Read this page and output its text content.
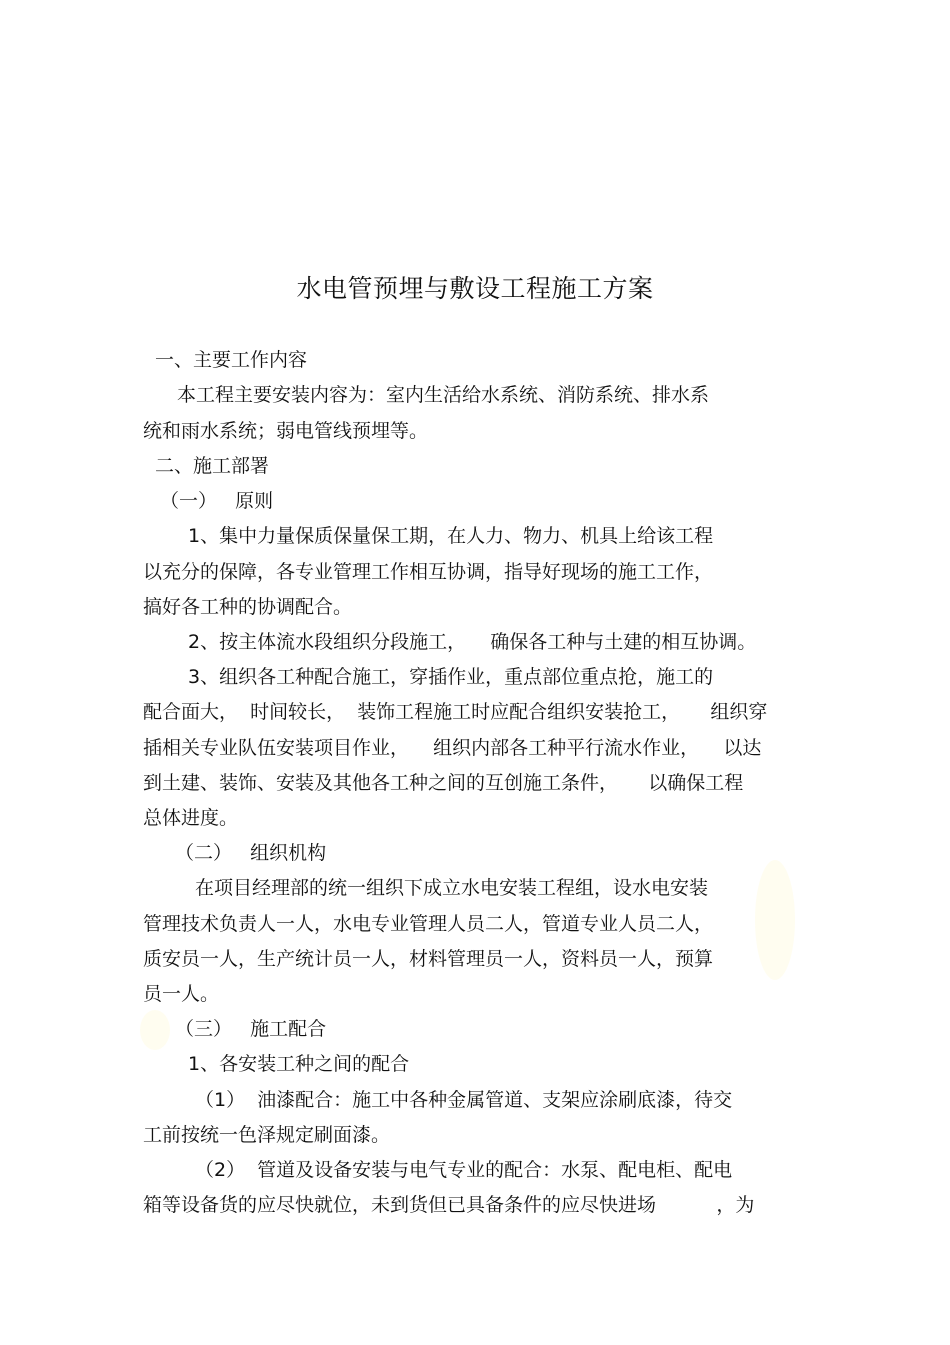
水电管预埋与敷设工程施工方案
一、主要工作内容
本工程主要安装内容为：室内生活给水系统、消防系统、排水系
统和雨水系统；弱电管线预埋等。
二、施工部署
（一）   原则
1、集中力量保质保量保工期，在人力、物力、机具上给该工程
以充分的保障，各专业管理工作相互协调，指导好现场的施工工作，
搞好各工种的协调配合。
2、按主体流水段组织分段施工，    确保各工种与土建的相互协调。
3、组织各工种配合施工，穿插作业，重点部位重点抢，施工的
配合面大，  时间较长，  装饰工程施工时应配合组织安装抢工，     组织穿
插相关专业队伍安装项目作业，    组织内部各工种平行流水作业，    以达
到土建、装饰、安装及其他各工种之间的互创施工条件，     以确保工程
总体进度。
（二）   组织机构
在项目经理部的统一组织下成立水电安装工程组，设水电安装
管理技术负责人一人，水电专业管理人员二人，管道专业人员二人，
质安员一人，生产统计员一人，材料管理员一人，资料员一人，预算
员一人。
（三）   施工配合
1、各安装工种之间的配合
（1）  油漆配合：施工中各种金属管道、支架应涂刷底漆，待交
工前按统一色泽规定刷面漆。
（2）  管道及设备安装与电气专业的配合：水泵、配电柜、配电
箱等设备货的应尽快就位，未到货但已具备条件的应尽快进场          ，为
